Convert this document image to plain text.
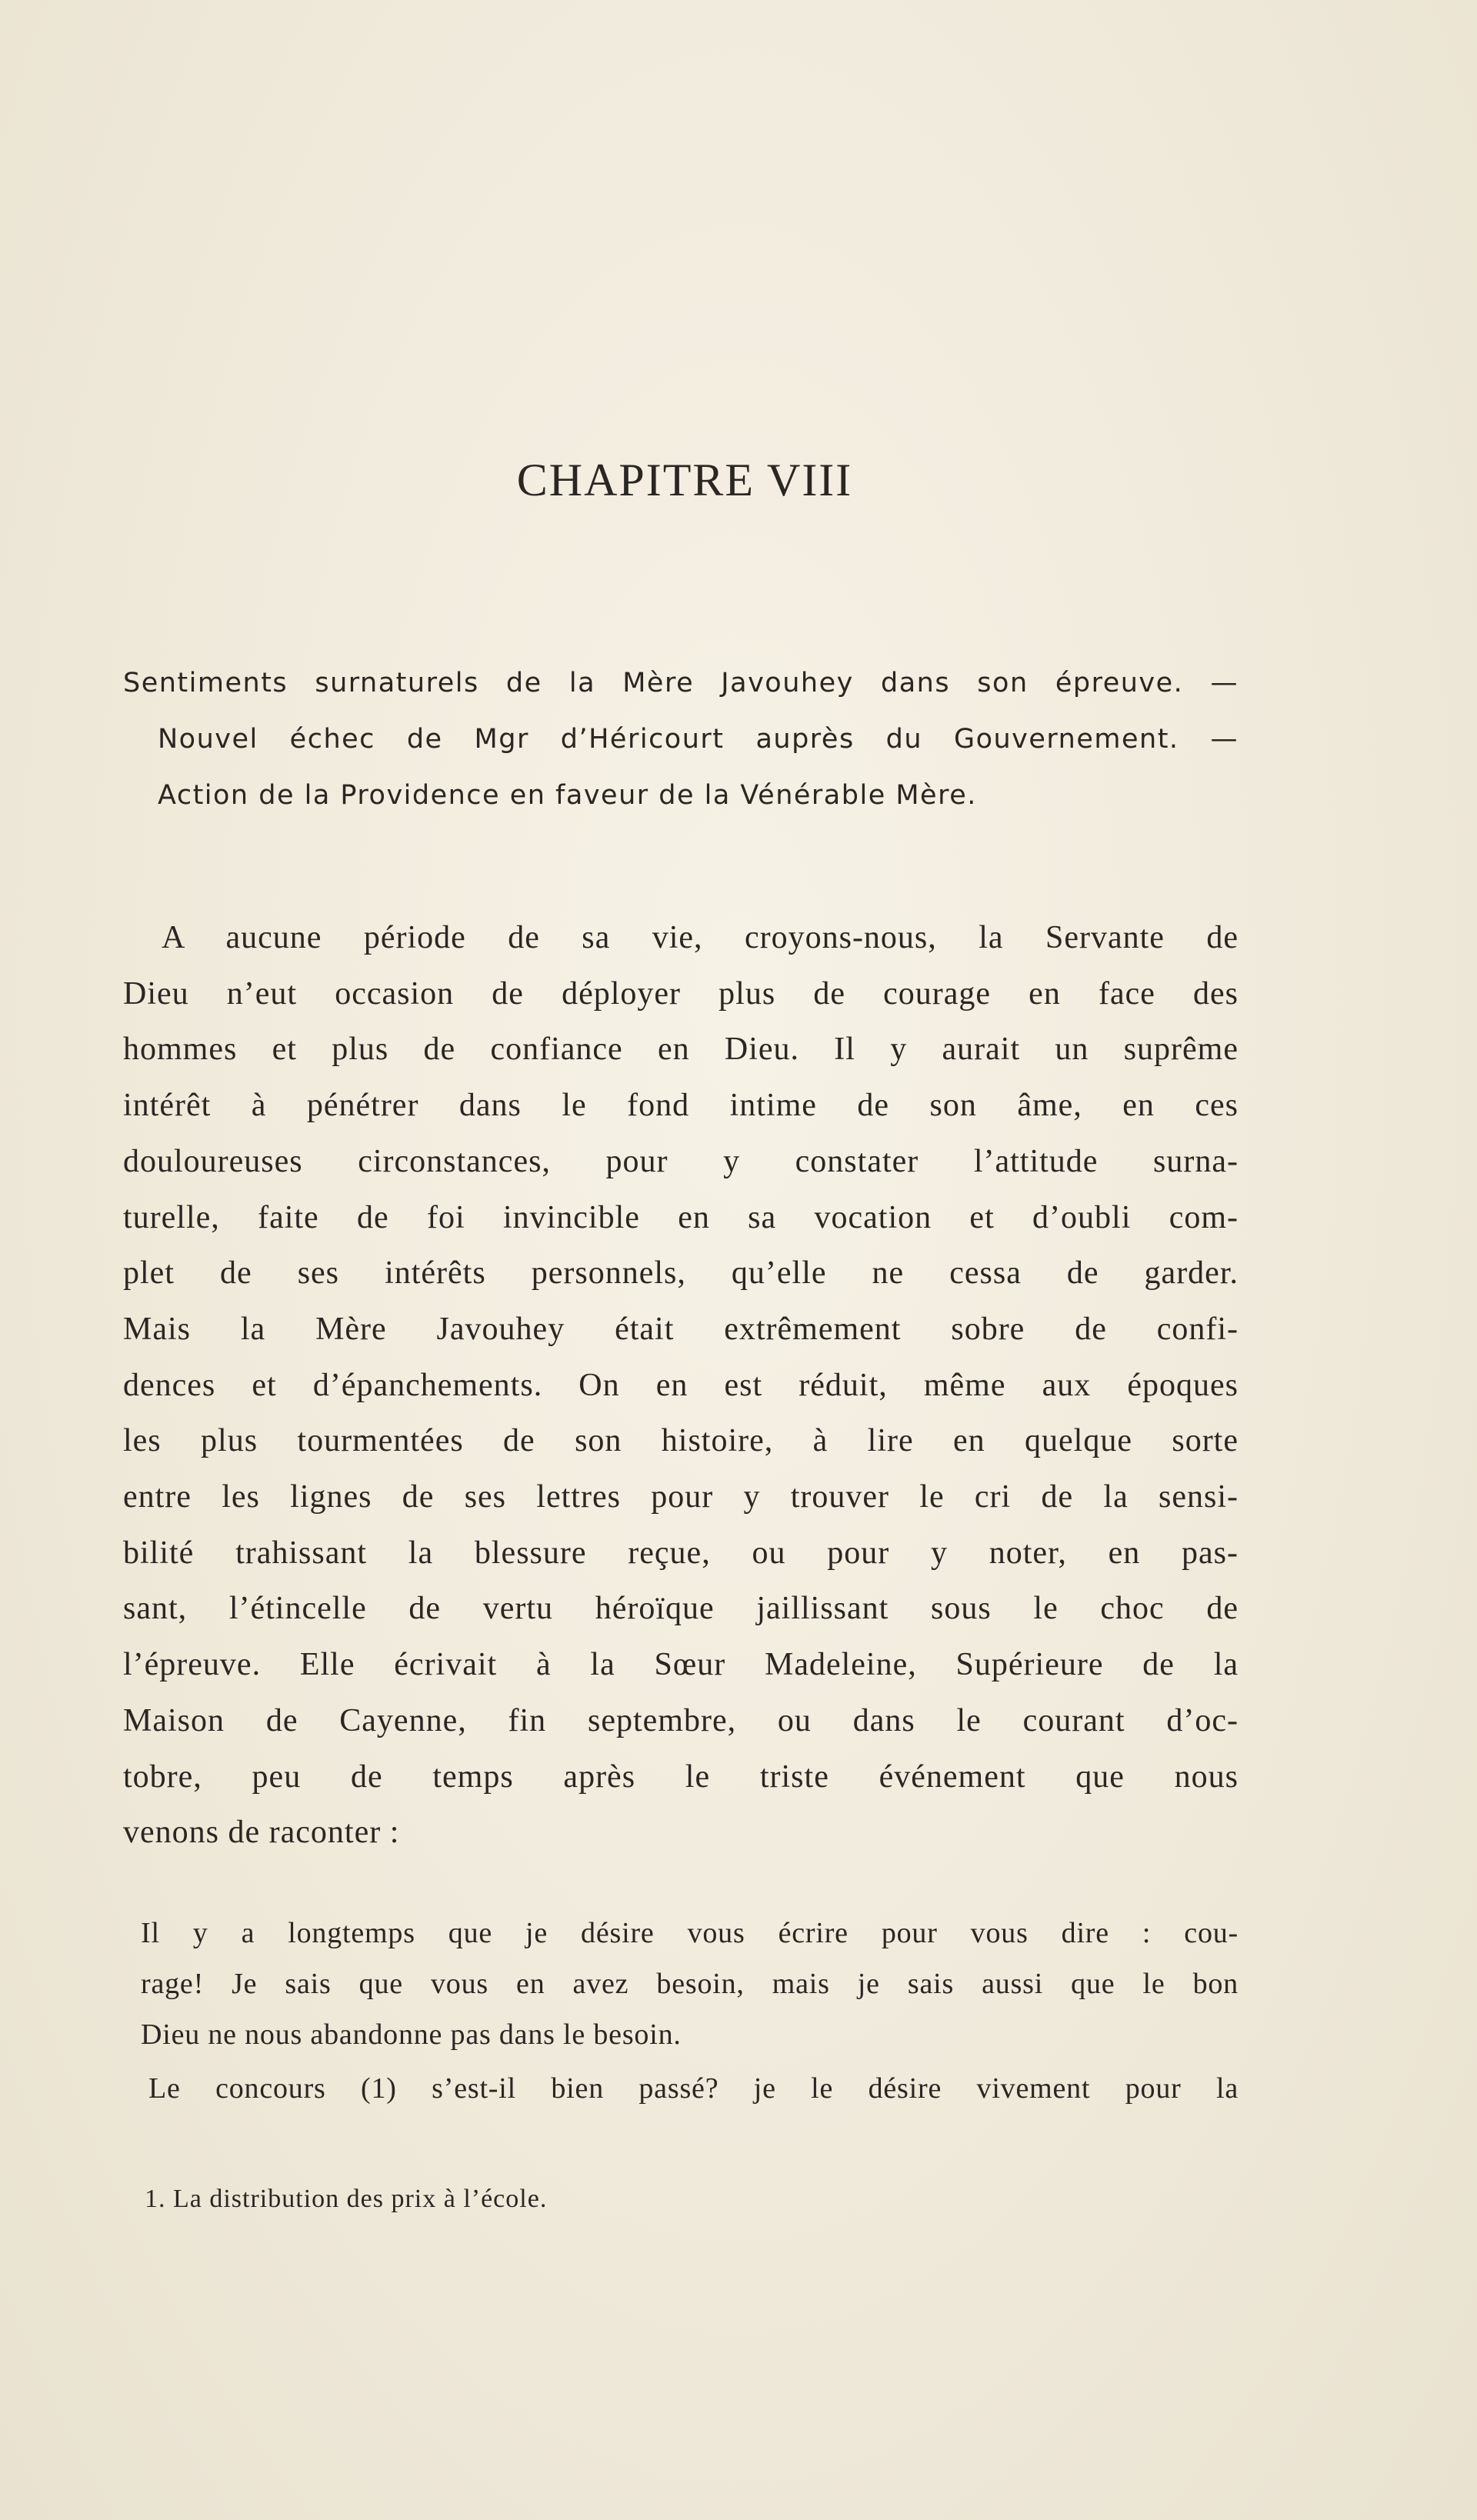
CHAPITRE VIII

Sentiments surnaturels de la Mère Javouhey dans son épreuve. —
Nouvel échec de Mgr d’Héricourt auprès du Gouvernement. —
Action de la Providence en faveur de la Vénérable Mère.

A aucune période de sa vie, croyons-nous, la Servante de
Dieu n’eut occasion de déployer plus de courage en face des
hommes et plus de confiance en Dieu. Il y aurait un suprême
intérêt à pénétrer dans le fond intime de son âme, en ces
douloureuses circonstances, pour y constater l’attitude surna-
turelle, faite de foi invincible en sa vocation et d’oubli com-
plet de ses intérêts personnels, qu’elle ne cessa de garder.
Mais la Mère Javouhey était extrêmement sobre de confi-
dences et d’épanchements. On en est réduit, même aux époques
les plus tourmentées de son histoire, à lire en quelque sorte
entre les lignes de ses lettres pour y trouver le cri de la sensi-
bilité trahissant la blessure reçue, ou pour y noter, en pas-
sant, l’étincelle de vertu héroïque jaillissant sous le choc de
l’épreuve. Elle écrivait à la Sœur Madeleine, Supérieure de la
Maison de Cayenne, fin septembre, ou dans le courant d’oc-
tobre, peu de temps après le triste événement que nous
venons de raconter :

Il y a longtemps que je désire vous écrire pour vous dire : cou-
rage! Je sais que vous en avez besoin, mais je sais aussi que le bon
Dieu ne nous abandonne pas dans le besoin.
Le concours (1) s’est-il bien passé? je le désire vivement pour la

1. La distribution des prix à l’école.
